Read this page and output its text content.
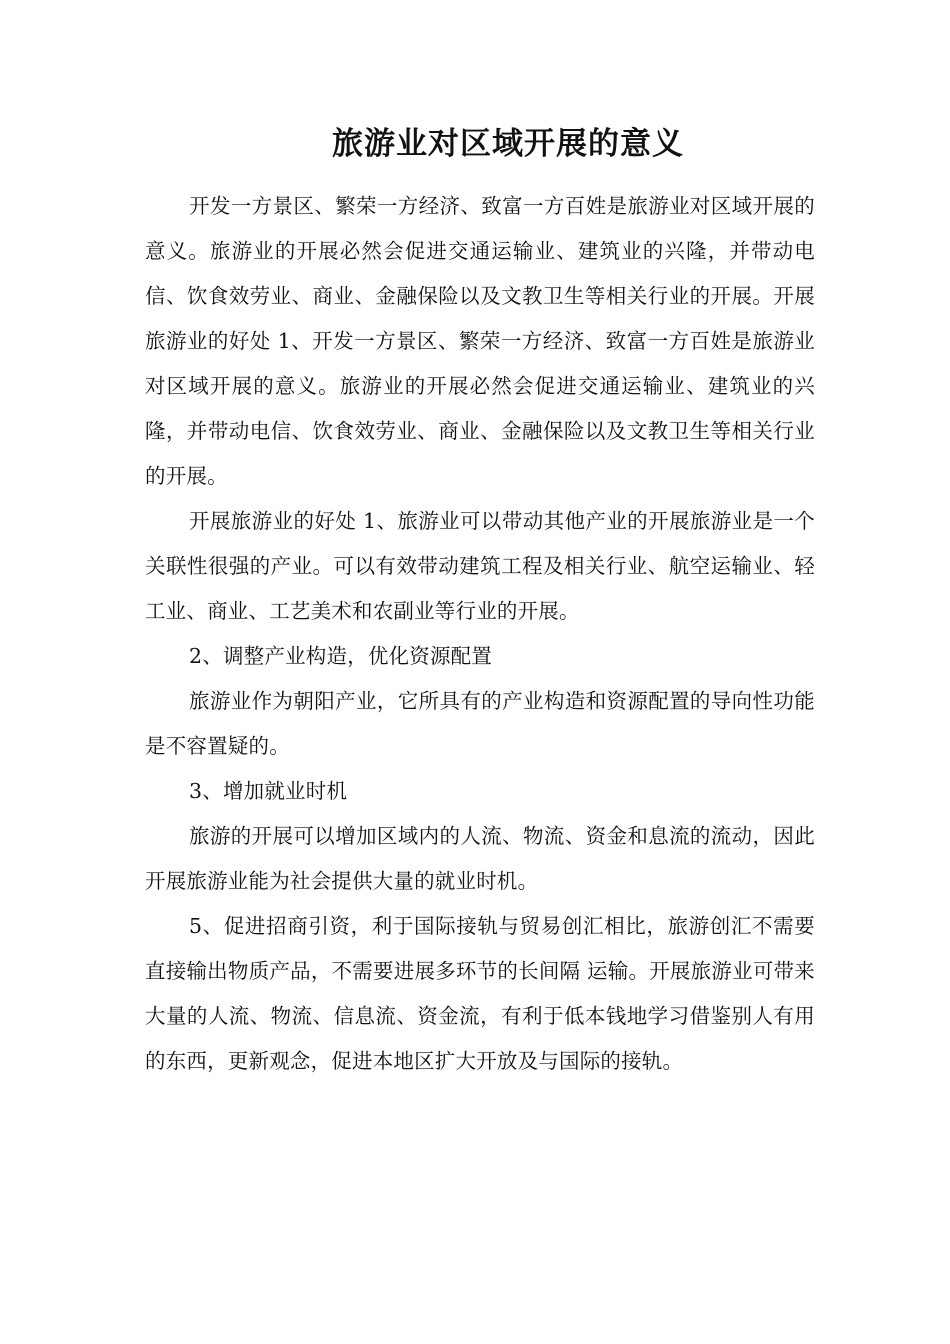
旅游业对区域开展的意义

开发一方景区、繁荣一方经济、致富一方百姓是旅游业对区域开展的意义。旅游业的开展必然会促进交通运输业、建筑业的兴隆，并带动电信、饮食效劳业、商业、金融保险以及文教卫生等相关行业的开展。开展旅游业的好处 1、开发一方景区、繁荣一方经济、致富一方百姓是旅游业对区域开展的意义。旅游业的开展必然会促进交通运输业、建筑业的兴隆，并带动电信、饮食效劳业、商业、金融保险以及文教卫生等相关行业的开展。

开展旅游业的好处 1、旅游业可以带动其他产业的开展旅游业是一个关联性很强的产业。可以有效带动建筑工程及相关行业、航空运输业、轻工业、商业、工艺美术和农副业等行业的开展。

2、调整产业构造，优化资源配置

旅游业作为朝阳产业，它所具有的产业构造和资源配置的导向性功能是不容置疑的。

3、增加就业时机

旅游的开展可以增加区域内的人流、物流、资金和息流的流动，因此开展旅游业能为社会提供大量的就业时机。

5、促进招商引资，利于国际接轨与贸易创汇相比，旅游创汇不需要直接输出物质产品，不需要进展多环节的长间隔 运输。开展旅游业可带来大量的人流、物流、信息流、资金流，有利于低本钱地学习借鉴别人有用的东西，更新观念，促进本地区扩大开放及与国际的接轨。
